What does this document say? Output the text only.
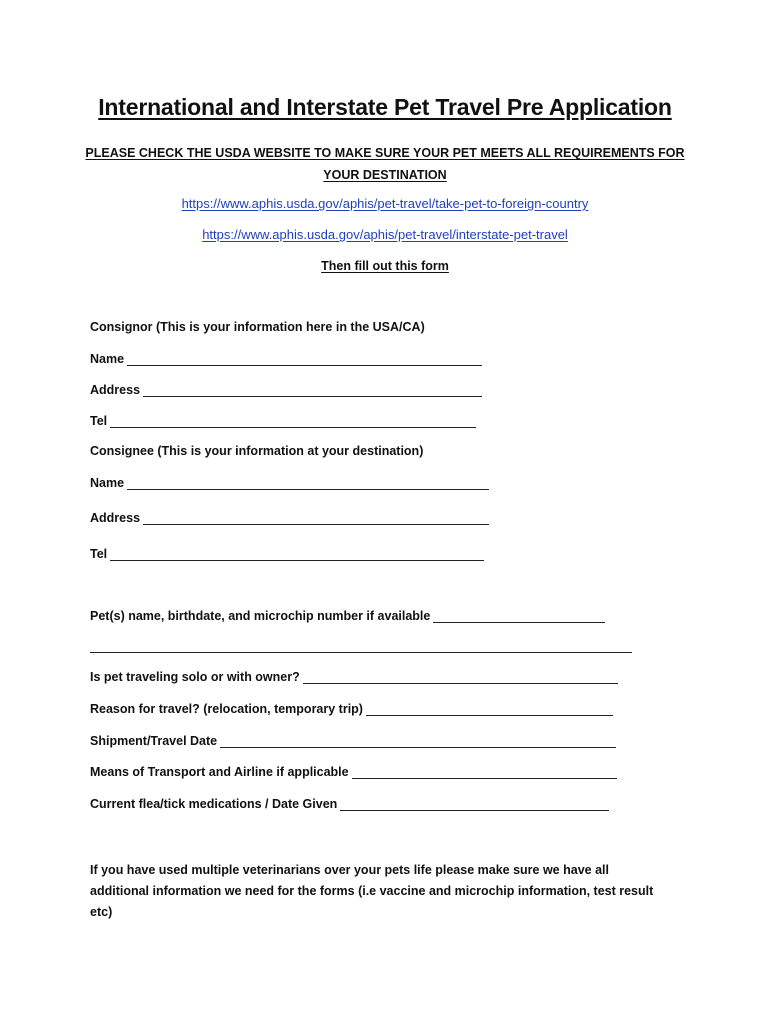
International and Interstate Pet Travel Pre Application
PLEASE CHECK THE USDA WEBSITE TO MAKE SURE YOUR PET MEETS ALL REQUIREMENTS FOR YOUR DESTINATION
https://www.aphis.usda.gov/aphis/pet-travel/take-pet-to-foreign-country
https://www.aphis.usda.gov/aphis/pet-travel/interstate-pet-travel
Then fill out this form
Consignor (This is your information here in the USA/CA)
Name
Address
Tel
Consignee (This is your information at your destination)
Name
Address
Tel
Pet(s) name, birthdate, and microchip number if available
Is pet traveling solo or with owner?
Reason for travel? (relocation, temporary trip)
Shipment/Travel Date
Means of Transport and Airline if applicable
Current flea/tick medications / Date Given
If you have used multiple veterinarians over your pets life please make sure we have all additional information we need for the forms (i.e vaccine and microchip information, test result etc)
